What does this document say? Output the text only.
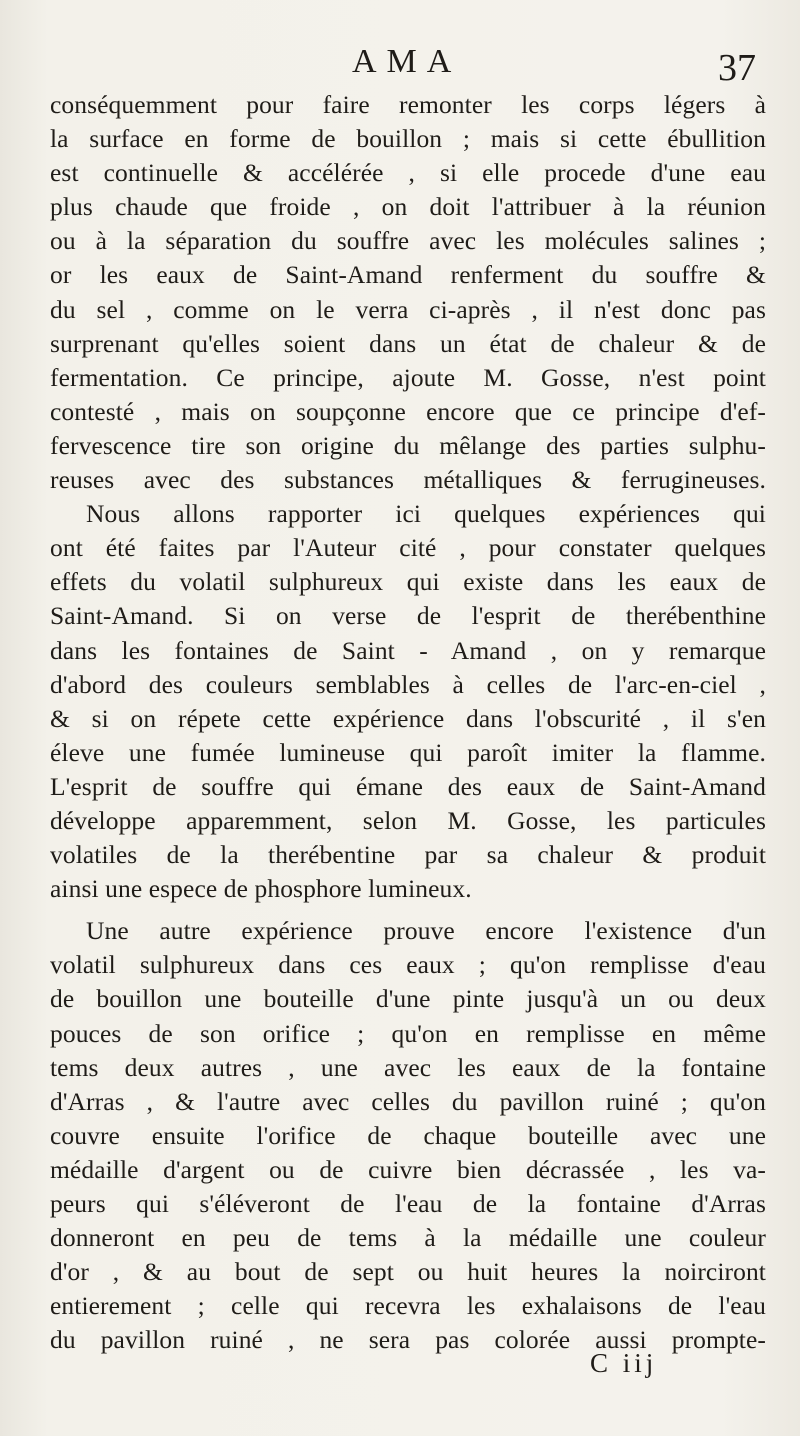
AMA	37
conséquemment pour faire remonter les corps légers à
la surface en forme de bouillon ; mais si cette ébullition
est continuelle & accélérée , si elle procede d'une eau
plus chaude que froide , on doit l'attribuer à la réunion
ou à la séparation du souffre avec les molécules salines ;
or les eaux de Saint-Amand renferment du souffre &
du sel , comme on le verra ci-après , il n'est donc pas
surprenant qu'elles soient dans un état de chaleur & de
fermentation. Ce principe, ajoute M. Gosse, n'est point
contesté , mais on soupçonne encore que ce principe d'ef-
fervescence tire son origine du mêlange des parties sulphu-
reuses avec des substances métalliques & ferrugineuses.
Nous allons rapporter ici quelques expériences qui
ont été faites par l'Auteur cité , pour constater quelques
effets du volatil sulphureux qui existe dans les eaux de
Saint-Amand. Si on verse de l'esprit de therébenthine
dans les fontaines de Saint - Amand , on y remarque
d'abord des couleurs semblables à celles de l'arc-en-ciel ,
& si on répete cette expérience dans l'obscurité , il s'en
éleve une fumée lumineuse qui paroît imiter la flamme.
L'esprit de souffre qui émane des eaux de Saint-Amand
développe apparemment, selon M. Gosse, les particules
volatiles de la therébentine par sa chaleur & produit
ainsi une espece de phosphore lumineux.
Une autre expérience prouve encore l'existence d'un
volatil sulphureux dans ces eaux ; qu'on remplisse d'eau
de bouillon une bouteille d'une pinte jusqu'à un ou deux
pouces de son orifice ; qu'on en remplisse en même
tems deux autres , une avec les eaux de la fontaine
d'Arras , & l'autre avec celles du pavillon ruiné ; qu'on
couvre ensuite l'orifice de chaque bouteille avec une
médaille d'argent ou de cuivre bien décrassée , les va-
peurs qui s'éléveront de l'eau de la fontaine d'Arras
donneront en peu de tems à la médaille une couleur
d'or , & au bout de sept ou huit heures la noirciront
entierement ; celle qui recevra les exhalaisons de l'eau
du pavillon ruiné , ne sera pas colorée aussi prompte-
C iij
